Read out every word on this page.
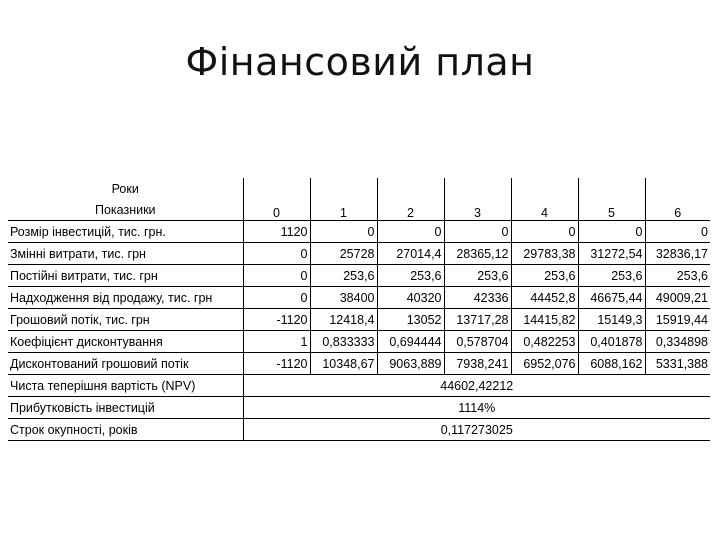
Фінансовий план
Роки							
Показники	0	1	2	3	4	5	6
Розмір інвестицій, тис. грн.	1120	0	0	0	0	0	0
Змінні витрати, тис. грн	0	25728	27014,4	28365,12	29783,38	31272,54	32836,17
Постійні витрати, тис. грн	0	253,6	253,6	253,6	253,6	253,6	253,6
Надходження від продажу, тис. грн	0	38400	40320	42336	44452,8	46675,44	49009,21
Грошовий потік, тис. грн	-1120	12418,4	13052	13717,28	14415,82	15149,3	15919,44
Коефіцієнт дисконтування	1	0,833333	0,694444	0,578704	0,482253	0,401878	0,334898
Дисконтований грошовий потік	-1120	10348,67	9063,889	7938,241	6952,076	6088,162	5331,388
Чиста теперішня вартість (NPV)	44602,42212						
Прибутковість інвестицій	1114%						
Строк окупності, років	0,117273025						
